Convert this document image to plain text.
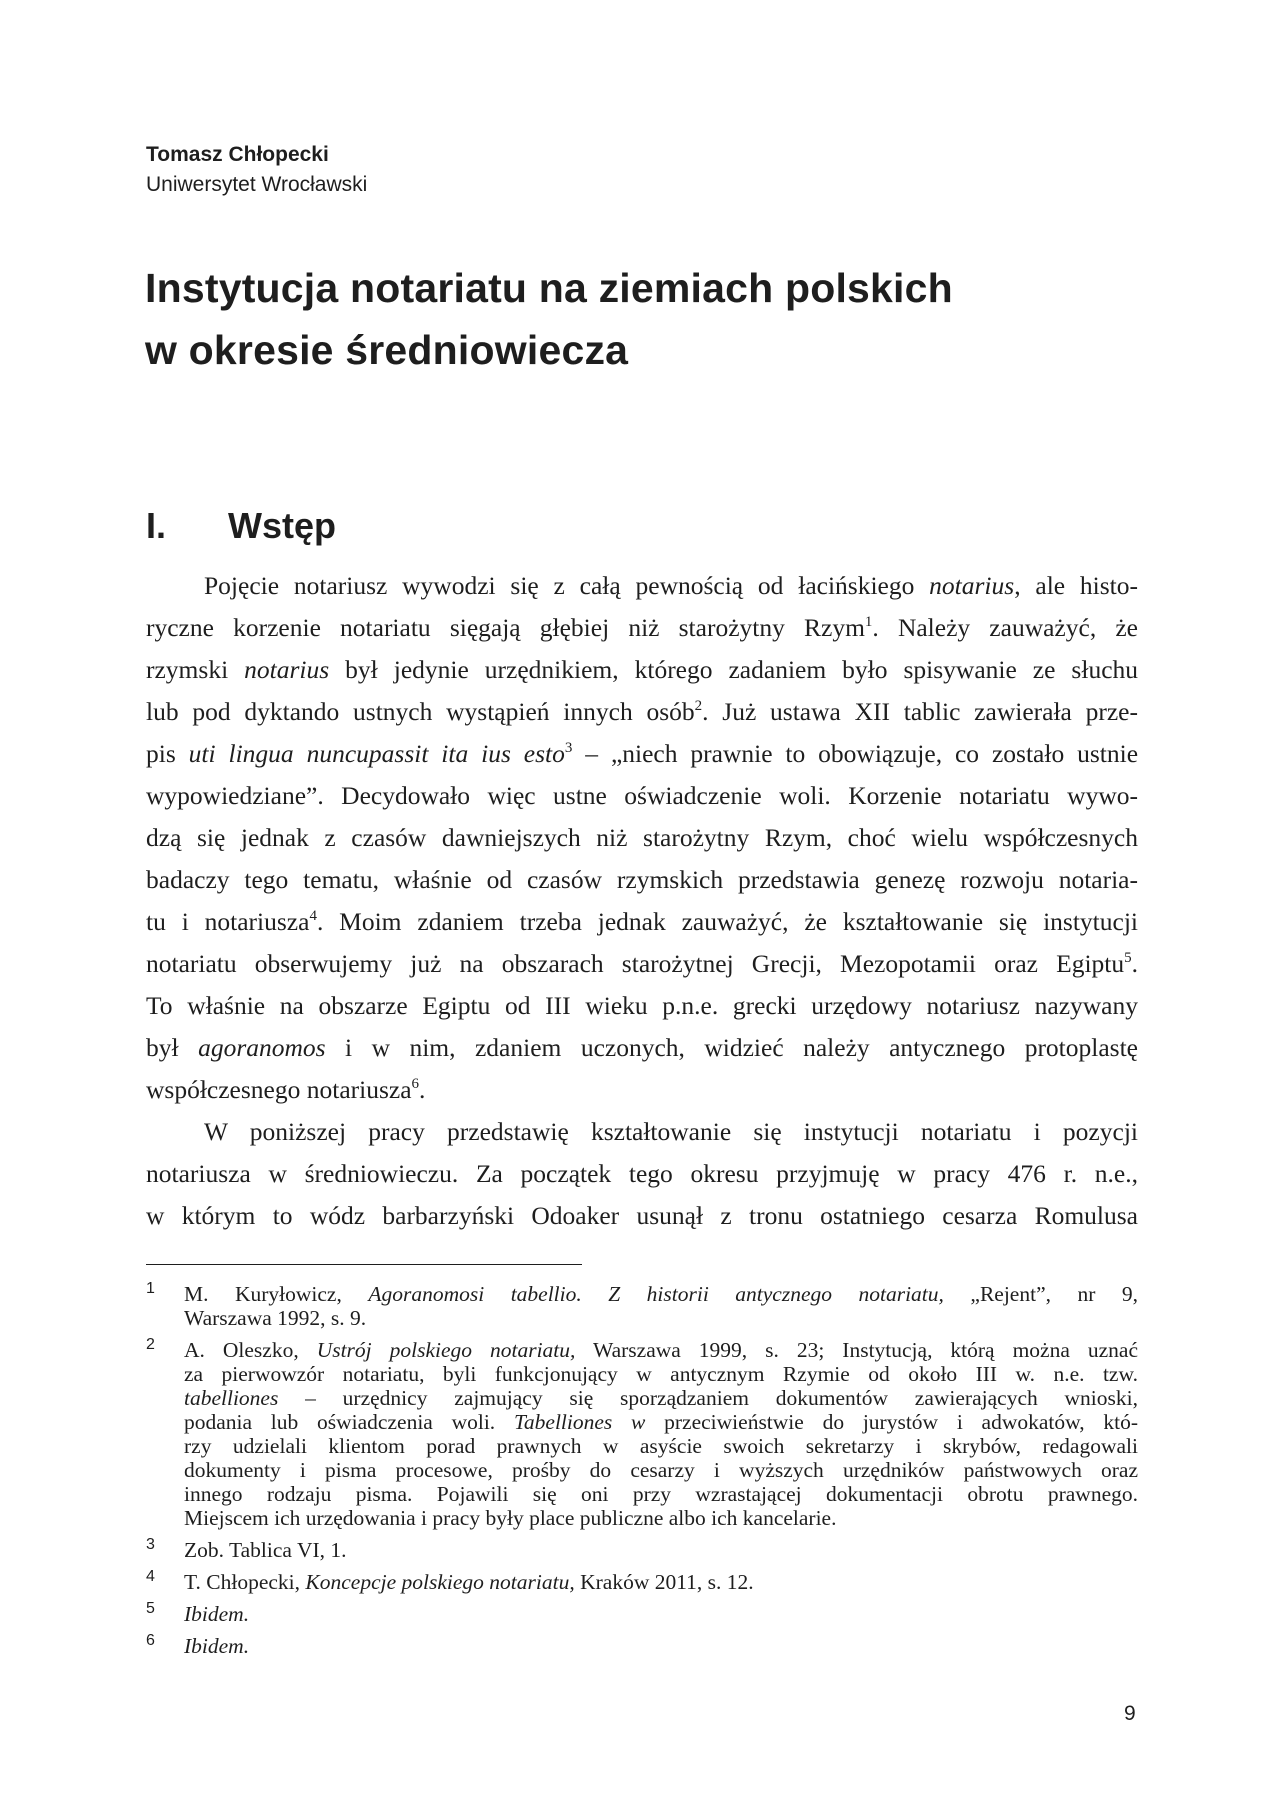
Tomasz Chłopecki

Uniwersytet Wrocławski

Instytucja notariatu na ziemiach polskich
w okresie średniowiecza
I. Wstęp
Pojęcie notariusz wywodzi się z całą pewnością od łacińskiego notarius, ale histo-
ryczne korzenie notariatu sięgają głębiej niż starożytny Rzym$^1$. Należy zauważyć, że
rzymski notarius był jedynie urzędnikiem, którego zadaniem było spisywanie ze słuchu
lub pod dyktando ustnych wystąpień innych osób$^2$. Już ustawa XII tablic zawierała prze-
pis uti lingua nuncupassit ita ius esto$^3$ – „niech prawnie to obowiązuje, co zostało ustnie
wypowiedziane”. Decydowało więc ustne oświadczenie woli. Korzenie notariatu wywo-
dzą się jednak z czasów dawniejszych niż starożytny Rzym, choć wielu współczesnych
badaczy tego tematu, właśnie od czasów rzymskich przedstawia genezę rozwoju notaria-
tu i notariusza$^4$. Moim zdaniem trzeba jednak zauważyć, że kształtowanie się instytucji
notariatu obserwujemy już na obszarach starożytnej Grecji, Mezopotamii oraz Egiptu$^5$.
To właśnie na obszarze Egiptu od III wieku p.n.e. grecki urzędowy notariusz nazywany
był agoranomos i w nim, zdaniem uczonych, widzieć należy antycznego protoplastę
współczesnego notariusza$^6$.
W poniższej pracy przedstawię kształtowanie się instytucji notariatu i pozycji
notariusza w średniowieczu. Za początek tego okresu przyjmuję w pracy 476 r. n.e.,
w którym to wódz barbarzyński Odoaker usunął z tronu ostatniego cesarza Romulusa
1 M. Kuryłowicz, Agoranomosi tabellio. Z historii antycznego notariatu, „Rejent”, nr 9,
Warszawa 1992, s. 9.
2 A. Oleszko, Ustrój polskiego notariatu, Warszawa 1999, s. 23; Instytucją, którą można uznać
za pierwowzór notariatu, byli funkcjonujący w antycznym Rzymie od około III w. n.e. tzw.
tabelliones – urzędnicy zajmujący się sporządzaniem dokumentów zawierających wnioski,
podania lub oświadczenia woli. Tabelliones w przeciwieństwie do jurystów i adwokatów, któ-
rzy udzielali klientom porad prawnych w asyście swoich sekretarzy i skrybów, redagowali
dokumenty i pisma procesowe, prośby do cesarzy i wyższych urzędników państwowych oraz
innego rodzaju pisma. Pojawili się oni przy wzrastającej dokumentacji obrotu prawnego.
Miejscem ich urzędowania i pracy były place publiczne albo ich kancelarie.
3 Zob. Tablica VI, 1.
4 T. Chłopecki, Koncepcje polskiego notariatu, Kraków 2011, s. 12.
5 Ibidem.
6 Ibidem.

9
